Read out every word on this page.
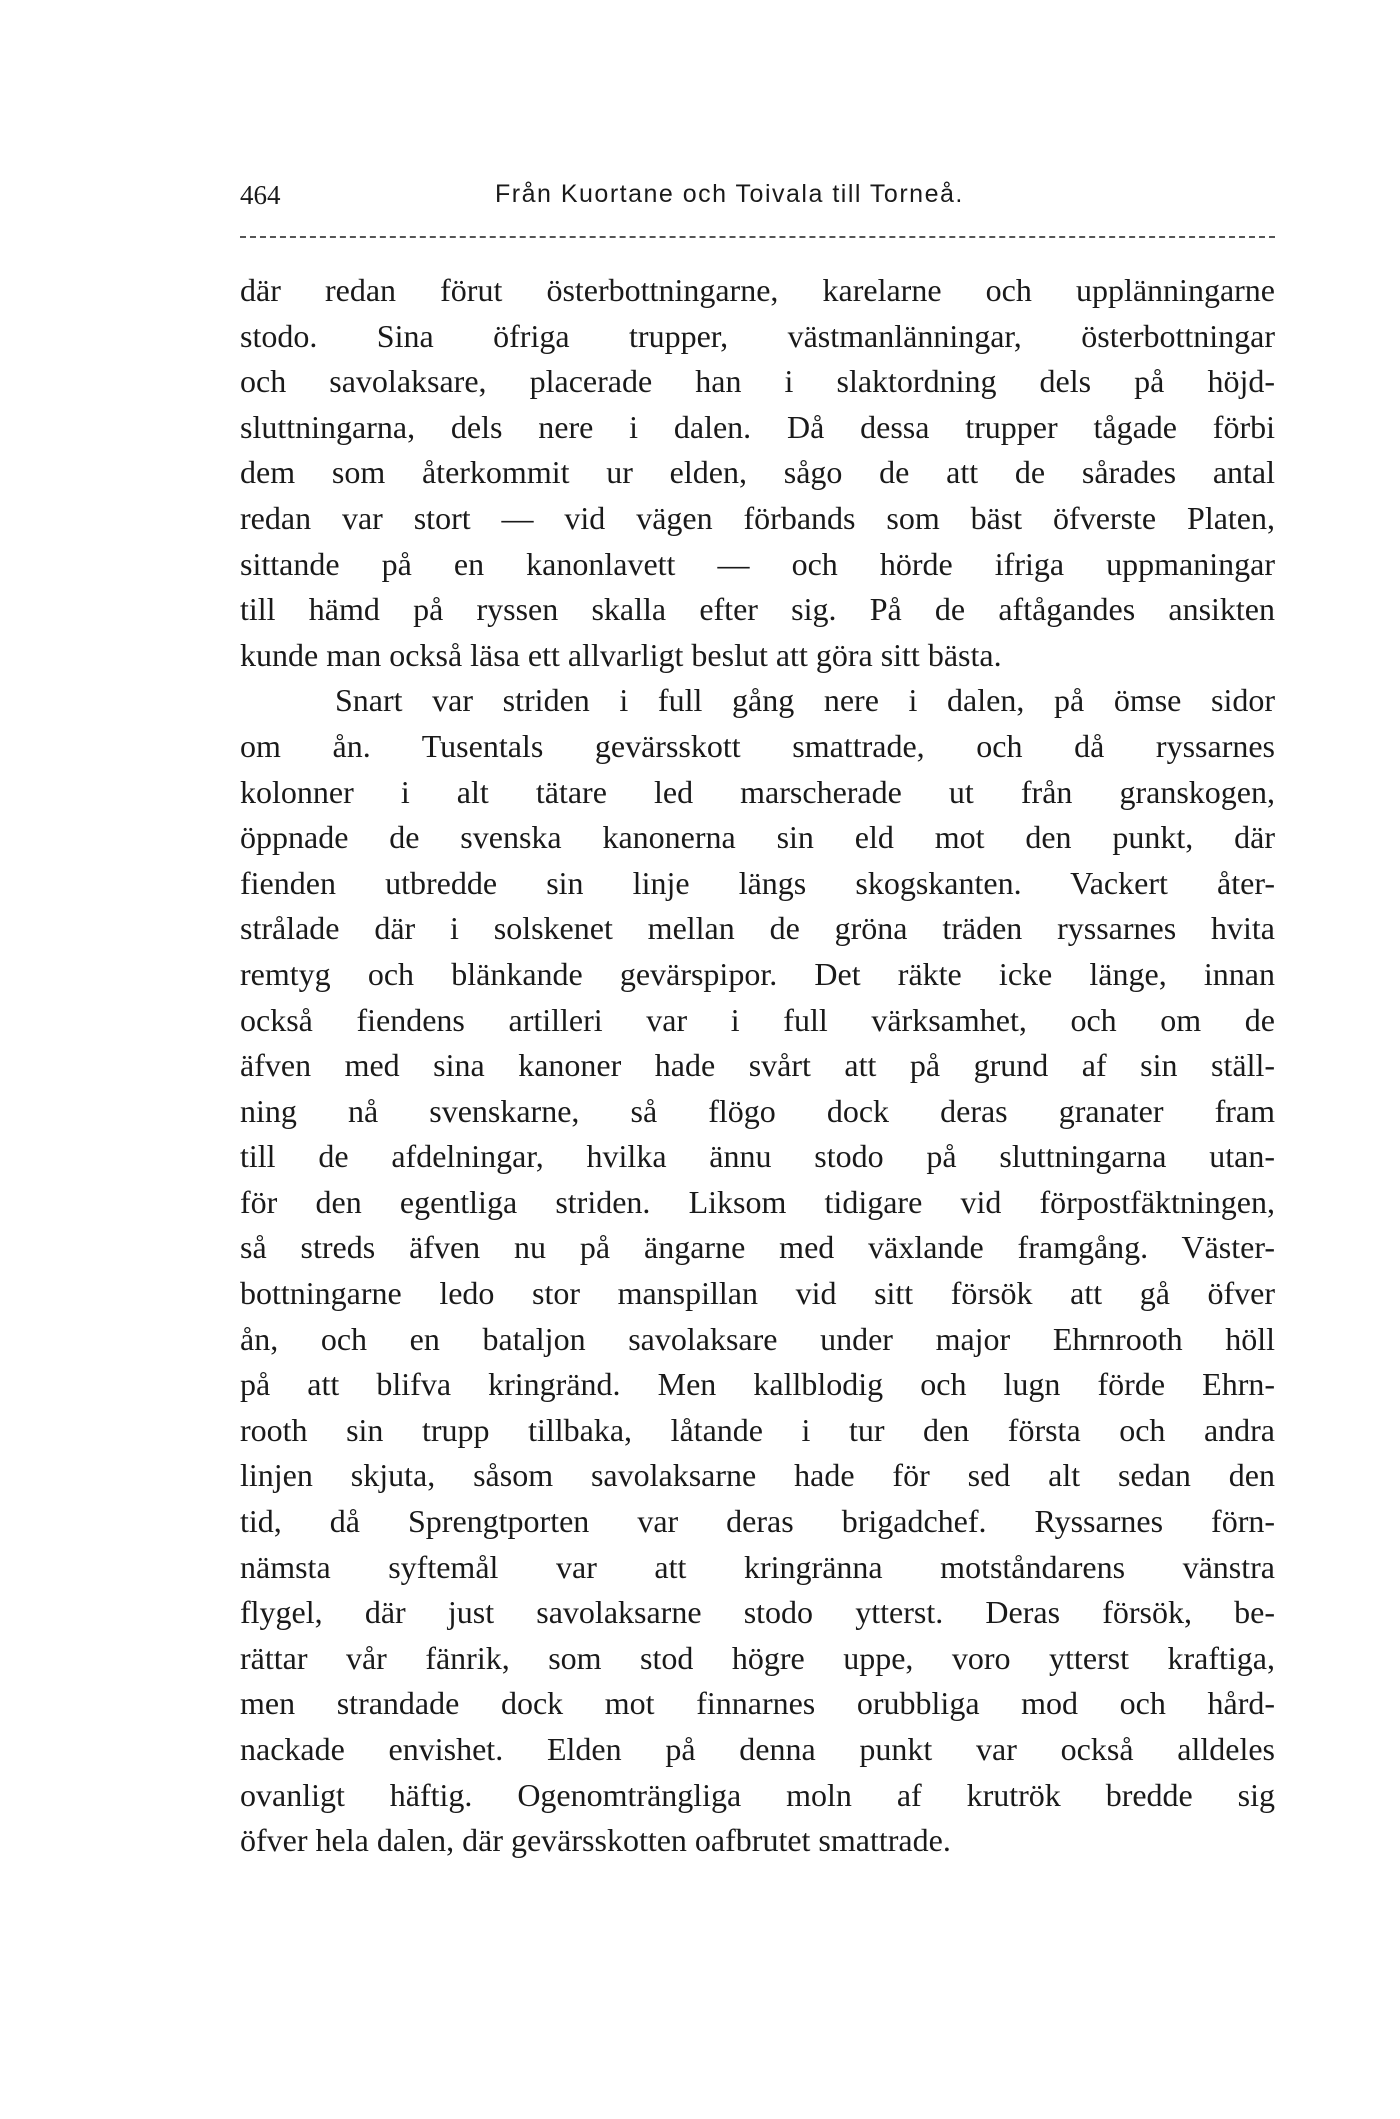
464	Från Kuortane och Toivala till Torneå.
där redan förut österbottningarne, karelarne och upplänningarne
stodo. Sina öfriga trupper, västmanlänningar, österbottningar
och savolaksare, placerade han i slaktordning dels på höjd-
sluttningarna, dels nere i dalen. Då dessa trupper tågade förbi
dem som återkommit ur elden, sågo de att de sårades antal
redan var stort — vid vägen förbands som bäst öfverste Platen,
sittande på en kanonlavett — och hörde ifriga uppmaningar
till hämd på ryssen skalla efter sig. På de aftågandes ansikten
kunde man också läsa ett allvarligt beslut att göra sitt bästa.
Snart var striden i full gång nere i dalen, på ömse sidor
om ån. Tusentals gevärsskott smattrade, och då ryssarnes
kolonner i alt tätare led marscherade ut från granskogen,
öppnade de svenska kanonerna sin eld mot den punkt, där
fienden utbredde sin linje längs skogskanten. Vackert åter-
strålade där i solskenet mellan de gröna träden ryssarnes hvita
remtyg och blänkande gevärspipor. Det räkte icke länge, innan
också fiendens artilleri var i full värksamhet, och om de
äfven med sina kanoner hade svårt att på grund af sin ställ-
ning nå svenskarne, så flögo dock deras granater fram
till de afdelningar, hvilka ännu stodo på sluttningarna utan-
för den egentliga striden. Liksom tidigare vid förpostfäktningen,
så streds äfven nu på ängarne med växlande framgång. Väster-
bottningarne ledo stor manspillan vid sitt försök att gå öfver
ån, och en bataljon savolaksare under major Ehrnrooth höll
på att blifva kringränd. Men kallblodig och lugn förde Ehrn-
rooth sin trupp tillbaka, låtande i tur den första och andra
linjen skjuta, såsom savolaksarne hade för sed alt sedan den
tid, då Sprengtporten var deras brigadchef. Ryssarnes förn-
nämsta syftemål var att kringränna motståndarens vänstra
flygel, där just savolaksarne stodo ytterst. Deras försök, be-
rättar vår fänrik, som stod högre uppe, voro ytterst kraftiga,
men strandade dock mot finnarnes orubbliga mod och hård-
nackade envishet. Elden på denna punkt var också alldeles
ovanligt häftig. Ogenomträngliga moln af krutrök bredde sig
öfver hela dalen, där gevärsskotten oafbrutet smattrade.
